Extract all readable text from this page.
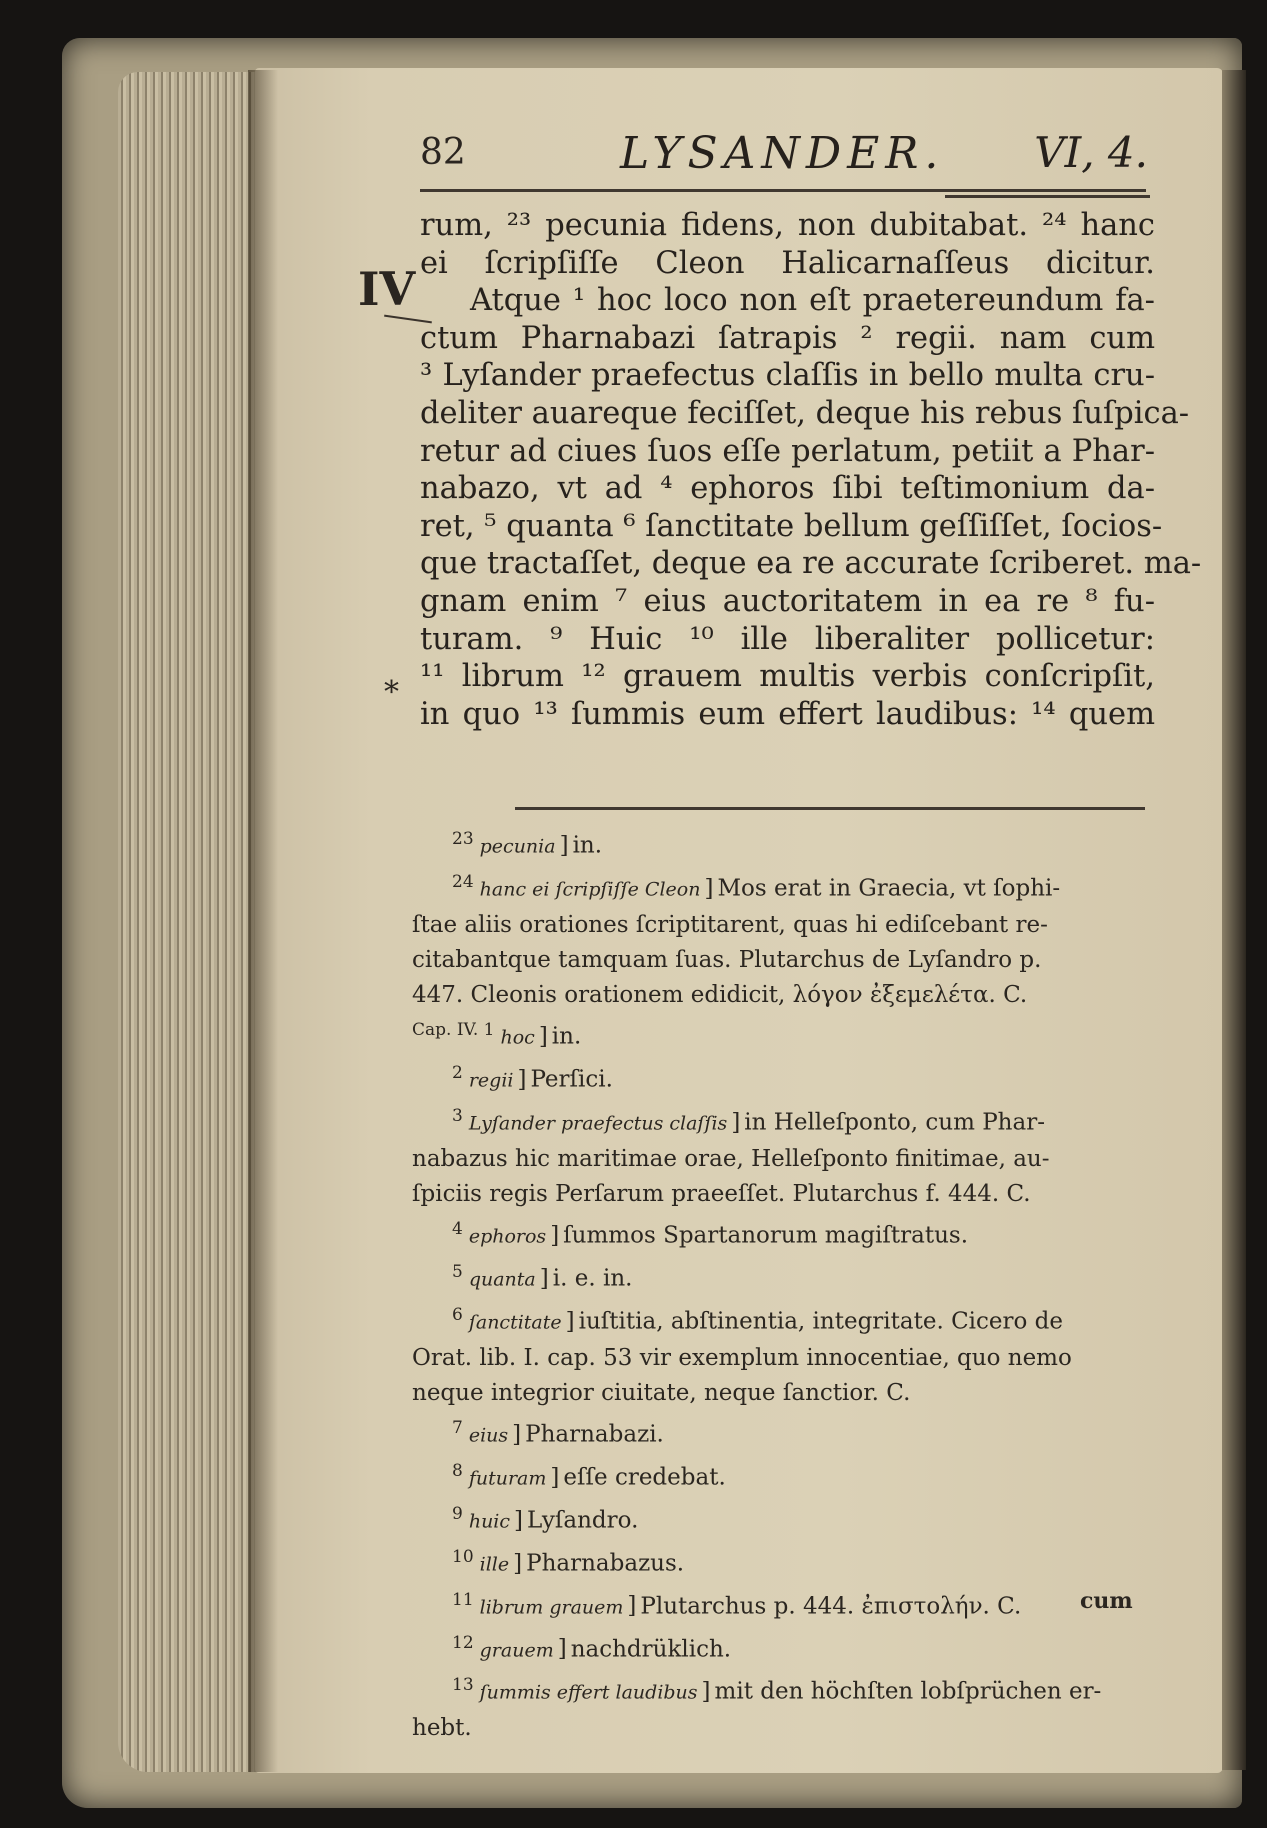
82	LYSANDER. VI, 4.
IV
*
rum, ²³ pecunia fidens, non dubitabat. ²⁴ hanc
ei ſcripſiſſe Cleon Halicarnaſſeus dicitur.
Atque ¹ hoc loco non eſt praetereundum fa-
ctum Pharnabazi ſatrapis ² regii. nam cum
³ Lyſander praefectus claſſis in bello multa cru-
deliter auareque feciſſet, deque his rebus ſuſpica-
retur ad ciues ſuos eſſe perlatum, petiit a Phar-
nabazo, vt ad ⁴ ephoros ſibi teſtimonium da-
ret, ⁵ quanta ⁶ ſanctitate bellum geſſiſſet, ſocios-
que tractaſſet, deque ea re accurate ſcriberet. ma-
gnam enim ⁷ eius auctoritatem in ea re ⁸ fu-
turam. ⁹ Huic ¹⁰ ille liberaliter pollicetur:
¹¹ librum ¹² grauem multis verbis conſcripſit,
in quo ¹³ ſummis eum effert laudibus: ¹⁴ quem
$^{23}$ pecunia ] in.
$^{24}$ hanc ei ſcripſiſſe Cleon ] Mos erat in Graecia, vt ſophi-
ſtae aliis orationes ſcriptitarent, quas hi ediſcebant re-
citabantque tamquam ſuas. Plutarchus de Lyſandro p.
447. Cleonis orationem edidicit, λόγον ἐξεμελέτα. C.
$^{Cap. IV. 1}$ hoc ] in.
$^2$ regii ] Perſici.
$^3$ Lyſander praefectus claſſis ] in Helleſponto, cum Phar-
nabazus hic maritimae orae, Helleſponto finitimae, au-
ſpiciis regis Perſarum praeeſſet. Plutarchus f. 444. C.
$^4$ ephoros ] ſummos Spartanorum magiſtratus.
$^5$ quanta ] i. e. in.
$^6$ ſanctitate ] iuſtitia, abſtinentia, integritate. Cicero de
Orat. lib. I. cap. 53 vir exemplum innocentiae, quo nemo
neque integrior ciuitate, neque ſanctior. C.
$^7$ eius ] Pharnabazi.
$^8$ futuram ] eſſe credebat.
$^9$ huic ] Lyſandro.
$^{10}$ ille ] Pharnabazus.
$^{11}$ librum grauem ] Plutarchus p. 444. ἐπιστολήν. C.
$^{12}$ grauem ] nachdrüklich.
$^{13}$ ſummis effert laudibus ] mit den höchſten lobſprüchen er-
hebt.
cum
